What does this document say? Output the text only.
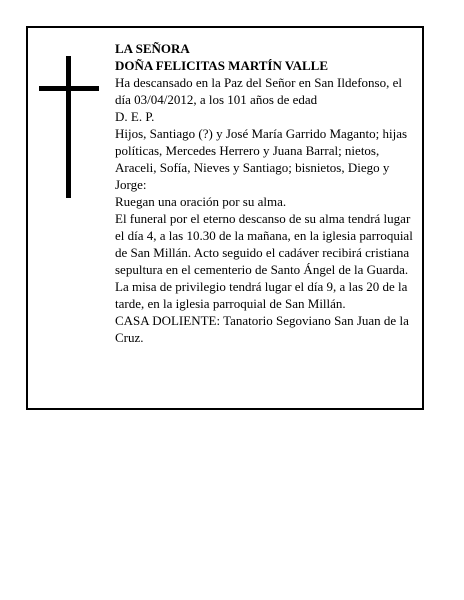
LA SEÑORA

DOÑA FELICITAS MARTÍN VALLE

Ha descansado en la Paz del Señor en San Ildefonso, el día 03/04/2012, a los 101 años de edad

D. E. P.

Hijos, Santiago (?) y José María Garrido Maganto; hijas políticas, Mercedes Herrero y Juana Barral; nietos, Araceli, Sofía, Nieves y Santiago; bisnietos, Diego y Jorge:

Ruegan una oración por su alma.

El funeral por el eterno descanso de su alma tendrá lugar el día 4, a las 10.30 de la mañana, en la iglesia parroquial de San Millán. Acto seguido el cadáver recibirá cristiana sepultura en el cementerio de Santo Ángel de la Guarda. La misa de privilegio tendrá lugar el día 9, a las 20 de la tarde, en la iglesia parroquial de San Millán.

CASA DOLIENTE: Tanatorio Segoviano San Juan de la Cruz.
